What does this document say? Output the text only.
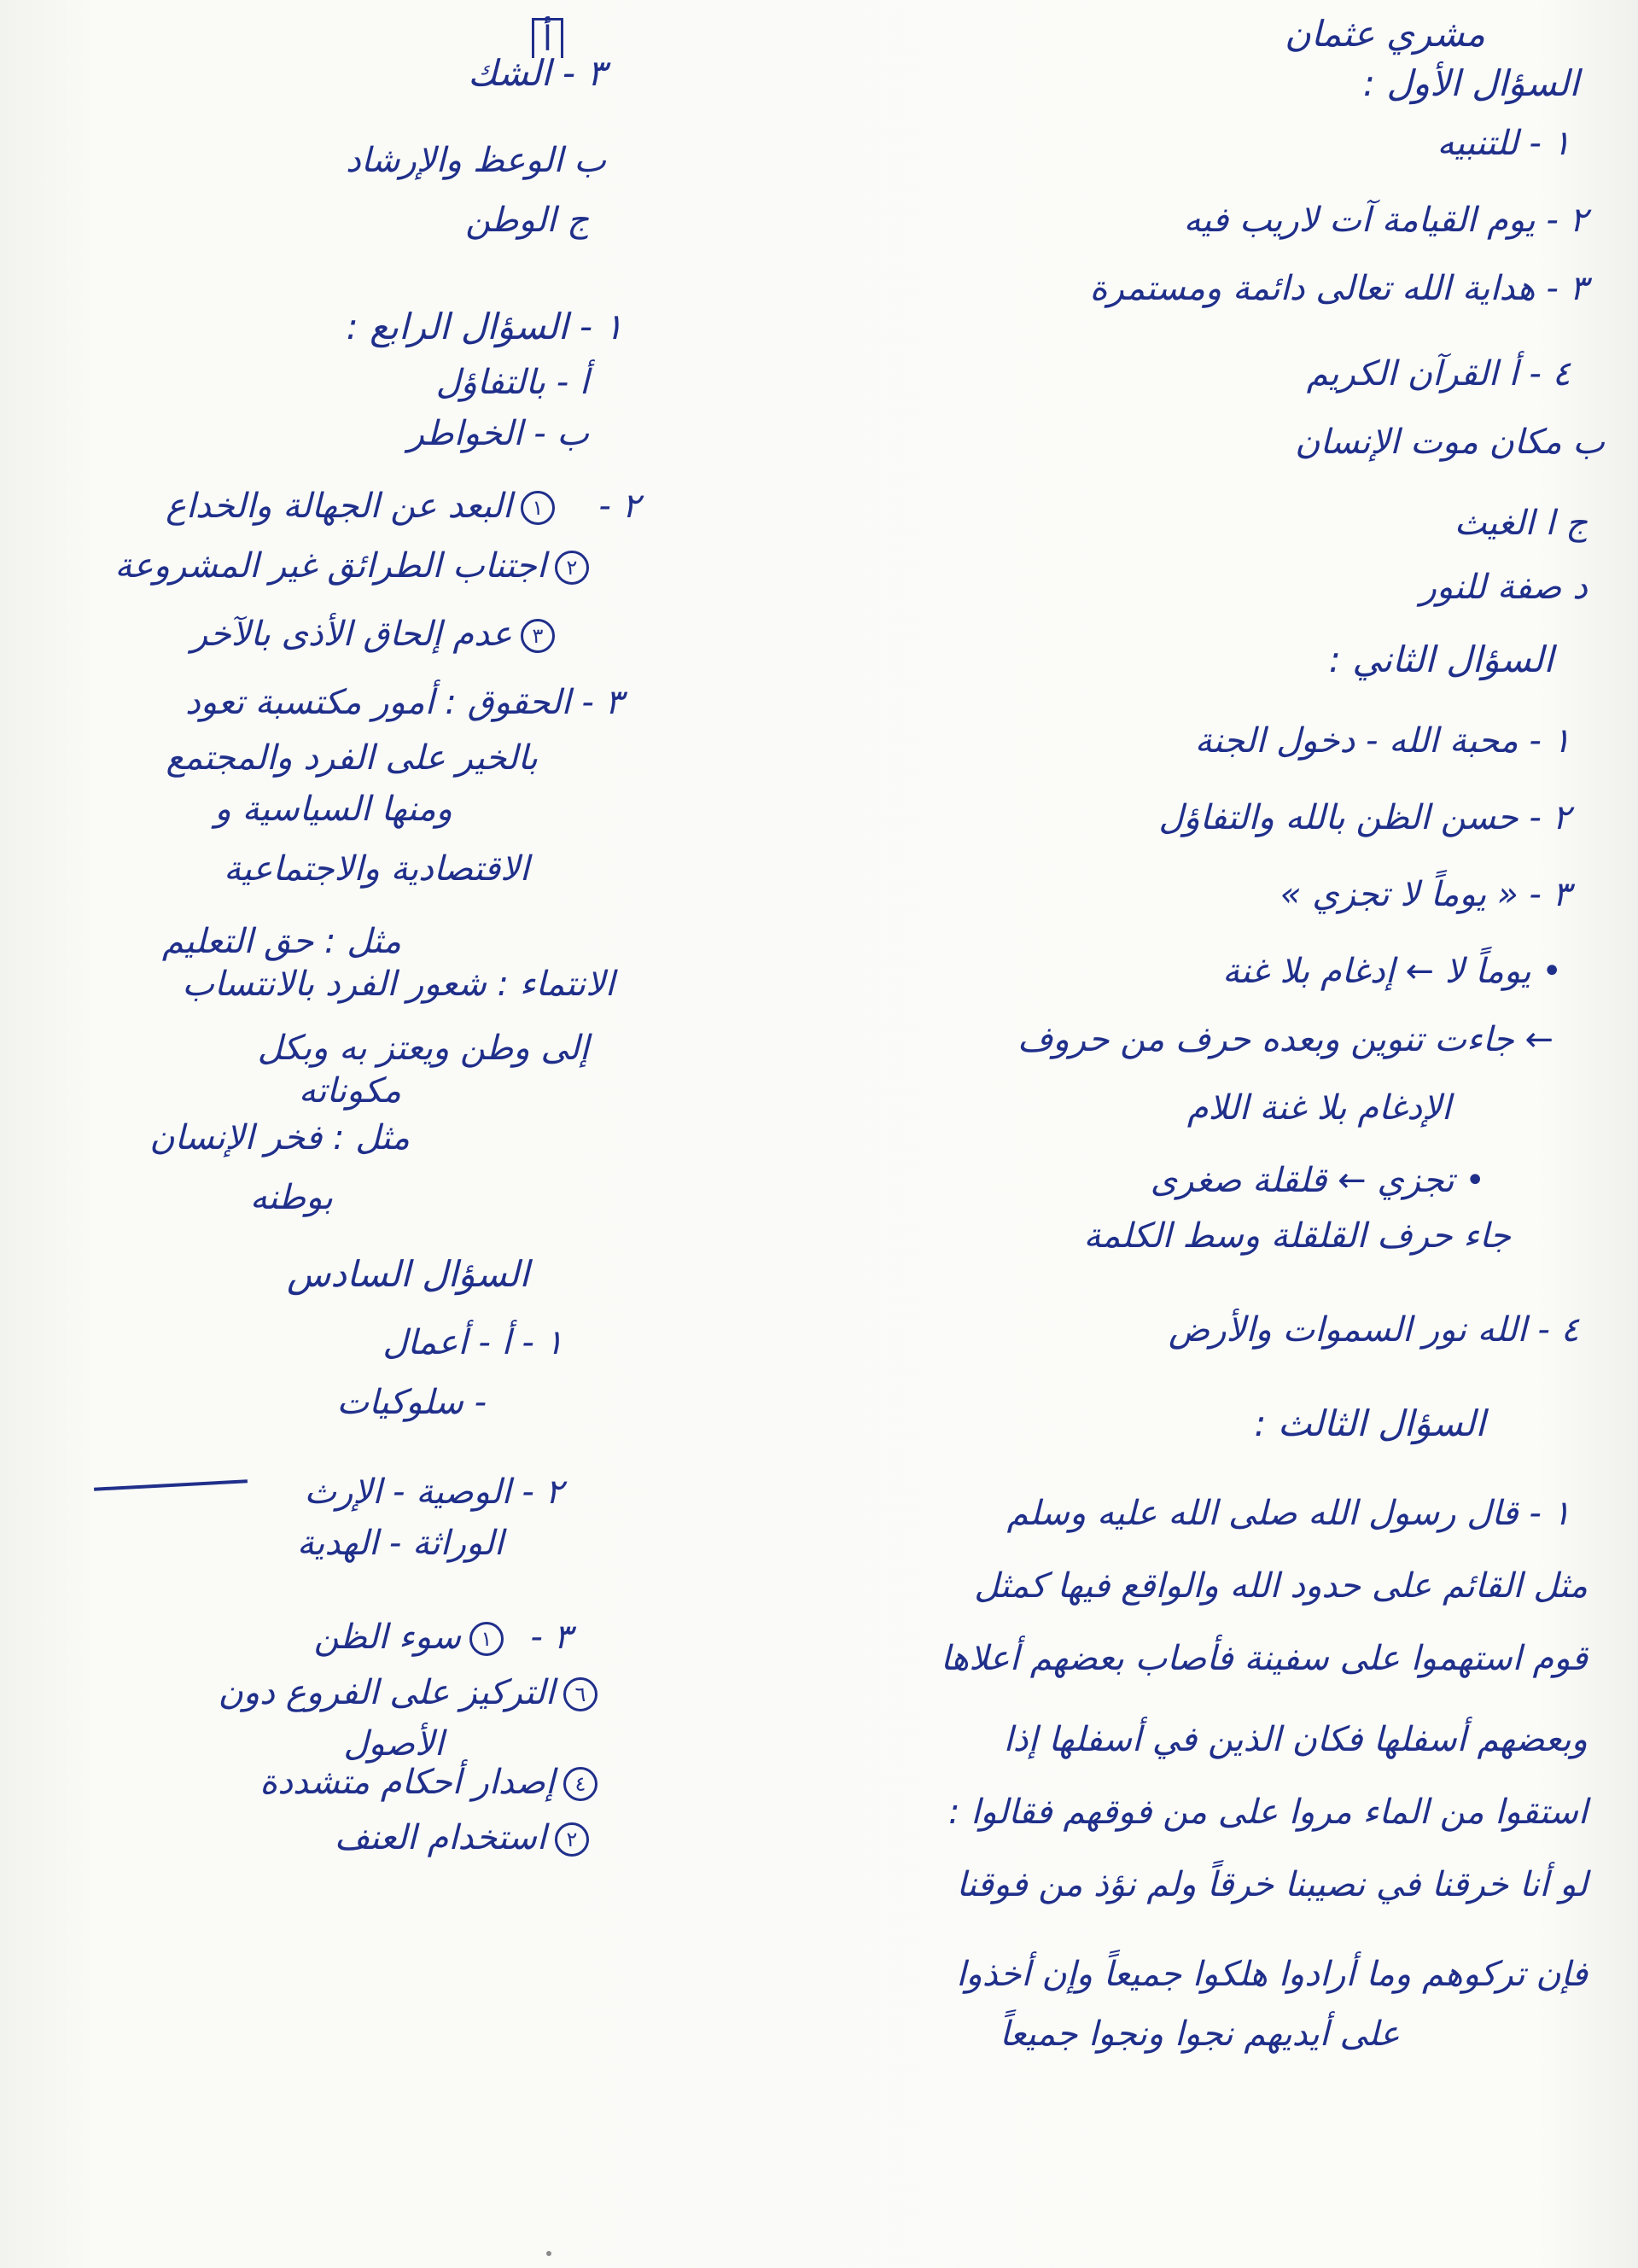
مشري عثمان
السؤال الأول :
١ - للتنبيه
٢ - يوم القيامة آت لاريب فيه
٣ - هداية الله تعالى دائمة ومستمرة
٤ - أ القرآن الكريم
ب مكان موت الإنسان
ج ا الغيث
د صفة للنور
السؤال الثاني :
١ - محبة الله - دخول الجنة
٢ - حسن الظن بالله والتفاؤل
٣ - « يوماً لا تجزي »
• يوماً لا ← إدغام بلا غنة
← جاءت تنوين وبعده حرف من حروف
الإدغام بلا غنة اللام
• تجزي ← قلقلة صغرى
جاء حرف القلقلة وسط الكلمة
٤ - الله نور السموات والأرض
السؤال الثالث :
١ - قال رسول الله صلى الله عليه وسلم
مثل القائم على حدود الله والواقع فيها كمثل
قوم استهموا على سفينة فأصاب بعضهم أعلاها
وبعضهم أسفلها فكان الذين في أسفلها إذا
استقوا من الماء مروا على من فوقهم فقالوا :
لو أنا خرقنا في نصيبنا خرقاً ولم نؤذ من فوقنا
فإن تركوهم وما أرادوا هلكوا جميعاً وإن أخذوا
على أيديهم نجوا ونجوا جميعاً
أ
٣ - الشك
ب الوعظ والإرشاد
ج الوطن
١ - السؤال الرابع :
أ - بالتفاؤل
ب - الخواطر
٢ -
١البعد عن الجهالة والخداع
٢اجتناب الطرائق غير المشروعة
٣عدم إلحاق الأذى بالآخر
٣ - الحقوق : أمور مكتسبة تعود
بالخير على الفرد والمجتمع
ومنها السياسية و
الاقتصادية والاجتماعية
مثل : حق التعليم
الانتماء : شعور الفرد بالانتساب
إلى وطن ويعتز به وبكل
مكوناته
مثل : فخر الإنسان
بوطنه
السؤال السادس
١ - أ - أعمال
- سلوكيات
٢ - الوصية - الإرث
الوراثة - الهدية
٣ -
١سوء الظن
٦التركيز على الفروع دون
الأصول
٤إصدار أحكام متشددة
٢استخدام العنف
